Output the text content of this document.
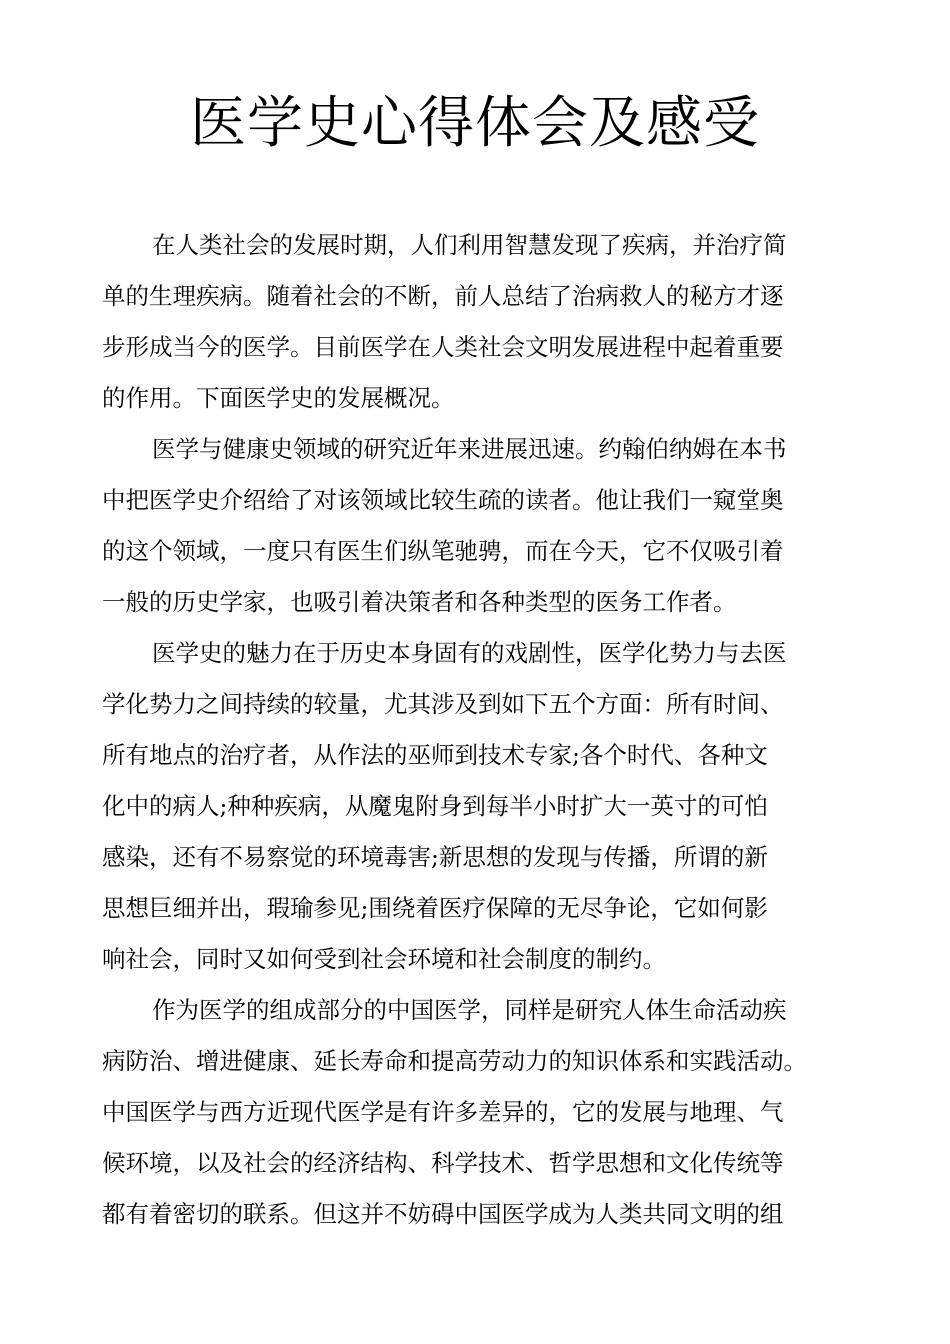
医学史心得体会及感受
在人类社会的发展时期，人们利用智慧发现了疾病，并治疗简
单的生理疾病。随着社会的不断，前人总结了治病救人的秘方才逐
步形成当今的医学。目前医学在人类社会文明发展进程中起着重要
的作用。下面医学史的发展概况。
医学与健康史领域的研究近年来进展迅速。约翰伯纳姆在本书
中把医学史介绍给了对该领域比较生疏的读者。他让我们一窥堂奥
的这个领域，一度只有医生们纵笔驰骋，而在今天，它不仅吸引着
一般的历史学家，也吸引着决策者和各种类型的医务工作者。
医学史的魅力在于历史本身固有的戏剧性，医学化势力与去医
学化势力之间持续的较量，尤其涉及到如下五个方面：所有时间、
所有地点的治疗者，从作法的巫师到技术专家;各个时代、各种文
化中的病人;种种疾病，从魔鬼附身到每半小时扩大一英寸的可怕
感染，还有不易察觉的环境毒害;新思想的发现与传播，所谓的新
思想巨细并出，瑕瑜参见;围绕着医疗保障的无尽争论，它如何影
响社会，同时又如何受到社会环境和社会制度的制约。
作为医学的组成部分的中国医学，同样是研究人体生命活动疾
病防治、增进健康、延长寿命和提高劳动力的知识体系和实践活动。
中国医学与西方近现代医学是有许多差异的，它的发展与地理、气
候环境，以及社会的经济结构、科学技术、哲学思想和文化传统等
都有着密切的联系。但这并不妨碍中国医学成为人类共同文明的组
